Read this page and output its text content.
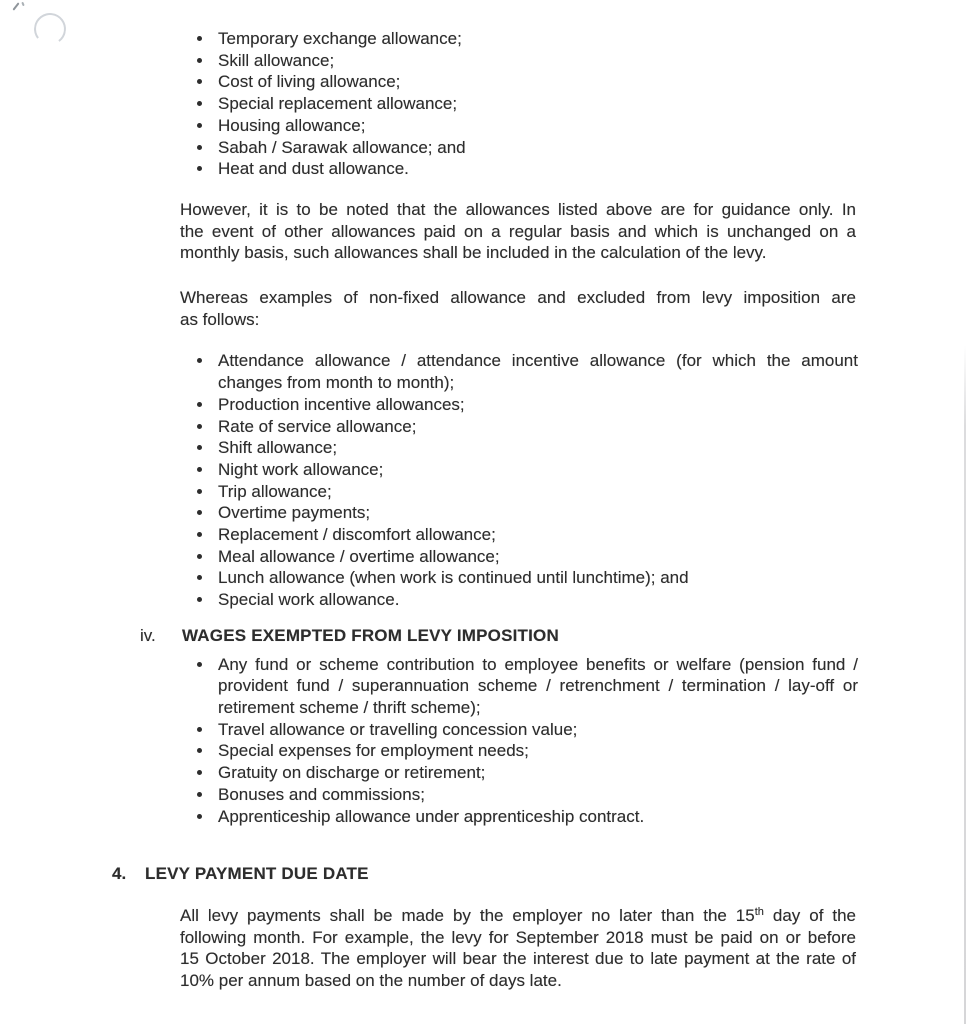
Temporary exchange allowance;
Skill allowance;
Cost of living allowance;
Special replacement allowance;
Housing allowance;
Sabah / Sarawak allowance; and
Heat and dust allowance.

However, it is to be noted that the allowances listed above are for guidance only. In
the event of other allowances paid on a regular basis and which is unchanged on a
monthly basis, such allowances shall be included in the calculation of the levy.

Whereas examples of non-fixed allowance and excluded from levy imposition are
as follows:

Attendance allowance / attendance incentive allowance (for which the amount changes from month to month);
Production incentive allowances;
Rate of service allowance;
Shift allowance;
Night work allowance;
Trip allowance;
Overtime payments;
Replacement / discomfort allowance;
Meal allowance / overtime allowance;
Lunch allowance (when work is continued until lunchtime); and
Special work allowance.
iv.	WAGES EXEMPTED FROM LEVY IMPOSITION
Any fund or scheme contribution to employee benefits or welfare (pension fund / provident fund / superannuation scheme / retrenchment / termination / lay-off or retirement scheme / thrift scheme);
Travel allowance or travelling concession value;
Special expenses for employment needs;
Gratuity on discharge or retirement;
Bonuses and commissions;
Apprenticeship allowance under apprenticeship contract.
4.	LEVY PAYMENT DUE DATE

All levy payments shall be made by the employer no later than the 15th day of the
following month. For example, the levy for September 2018 must be paid on or before
15 October 2018. The employer will bear the interest due to late payment at the rate of
10% per annum based on the number of days late.
